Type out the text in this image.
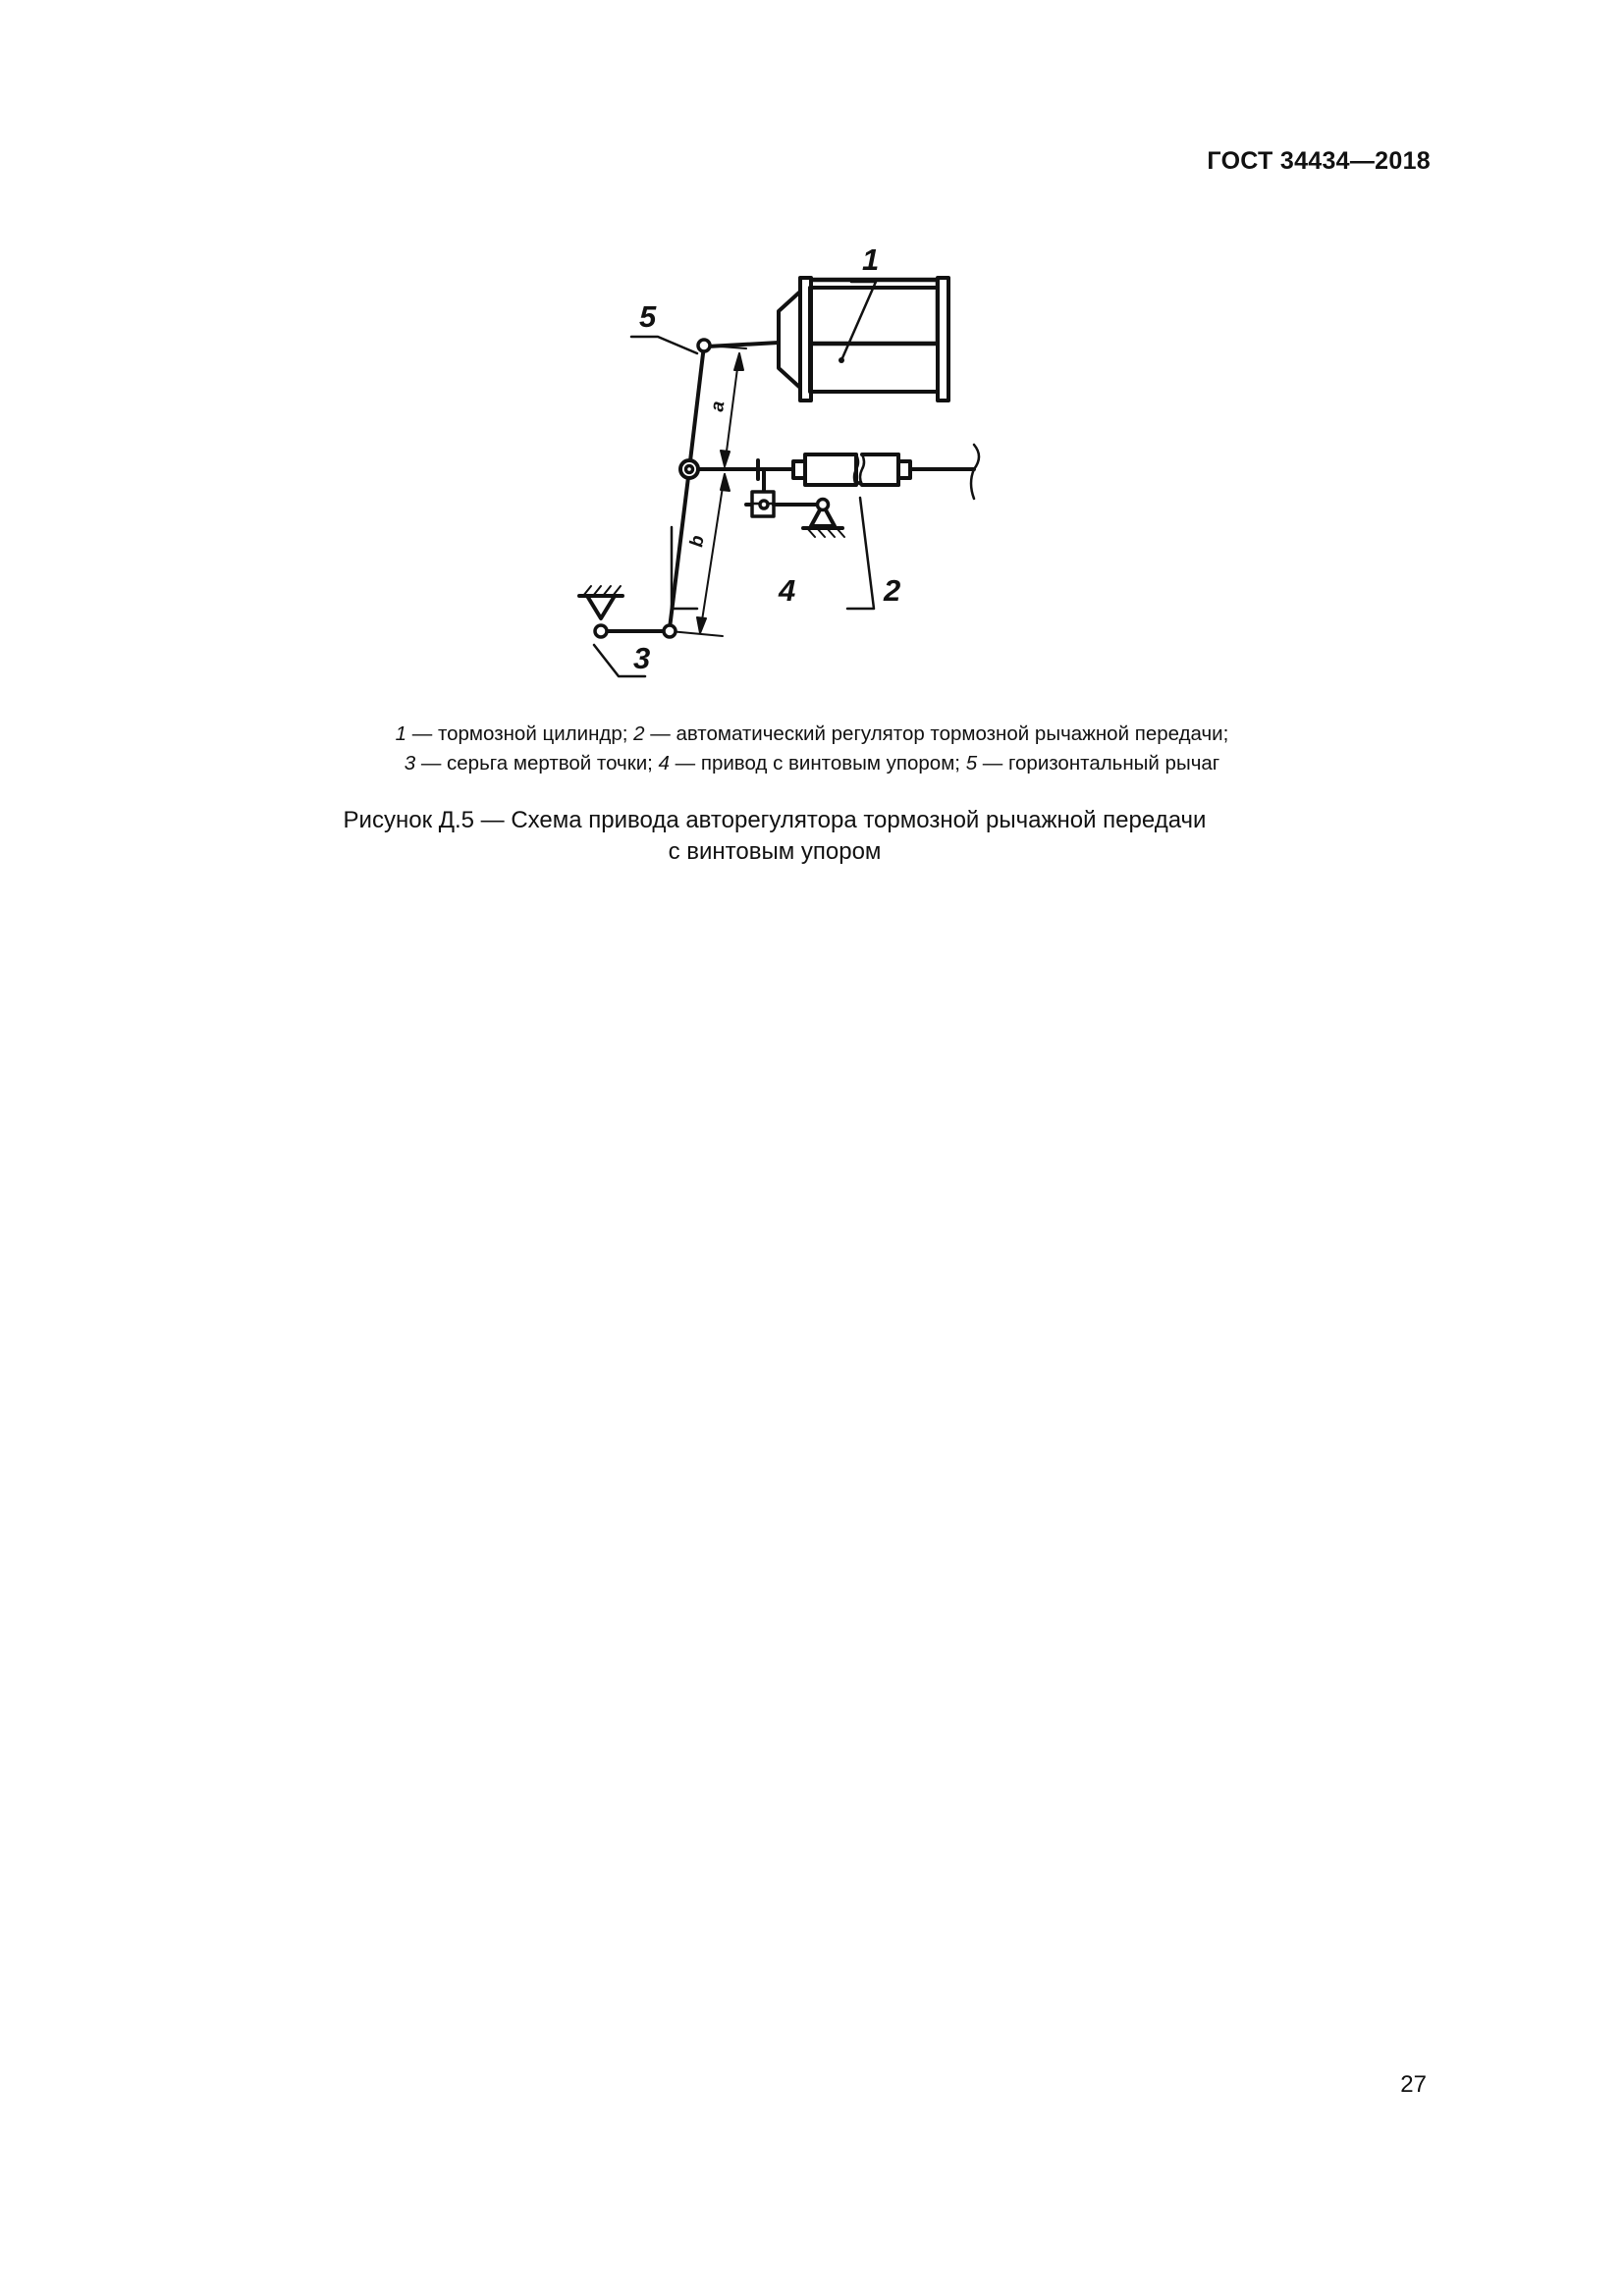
ГОСТ 34434—2018
1
5
2
4
3
a
b
1 — тормозной цилиндр; 2 — автоматический регулятор тормозной рычажной передачи;
3 — серьга мертвой точки; 4 — привод с винтовым упором; 5 — горизонтальный рычаг
Рисунок Д.5 — Схема привода авторегулятора тормозной рычажной передачи
с винтовым упором
27
